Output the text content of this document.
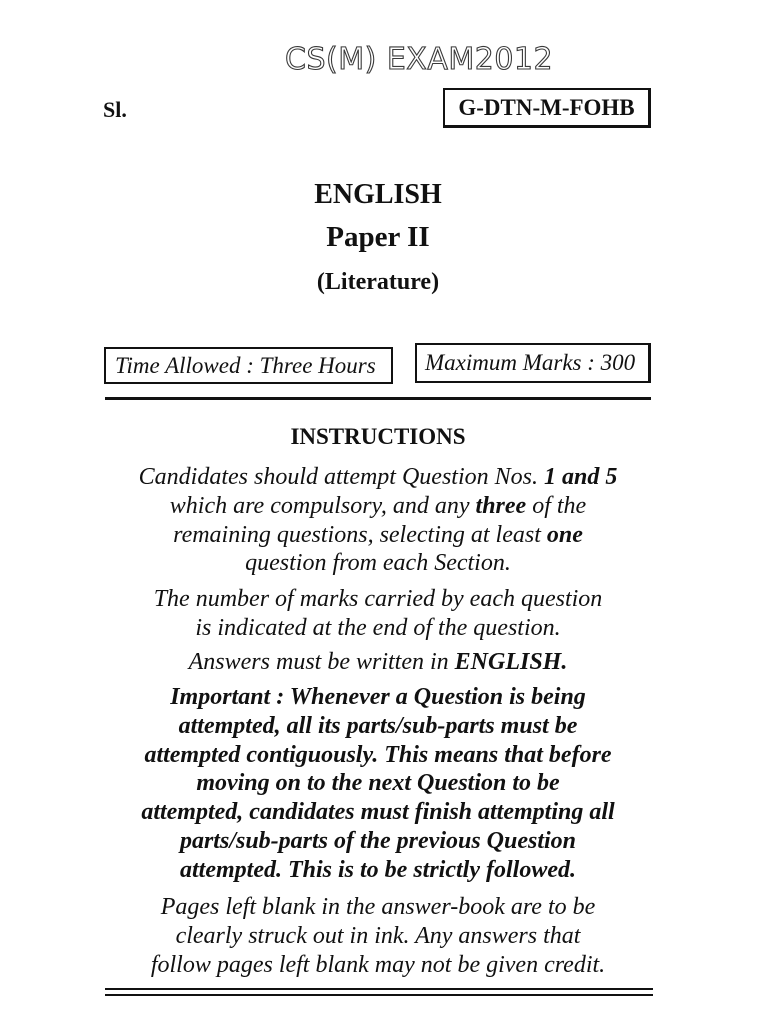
CS(M) EXAM2012
Sl.	G-DTN-M-FOHB
ENGLISH
Paper II
(Literature)
Time Allowed : Three Hours	Maximum Marks : 300
INSTRUCTIONS
Candidates should attempt Question Nos. 1 and 5
which are compulsory, and any three of the
remaining questions, selecting at least one
question from each Section.
The number of marks carried by each question
is indicated at the end of the question.
Answers must be written in ENGLISH.
Important : Whenever a Question is being
attempted, all its parts/sub-parts must be
attempted contiguously. This means that before
moving on to the next Question to be
attempted, candidates must finish attempting all
parts/sub-parts of the previous Question
attempted. This is to be strictly followed.
Pages left blank in the answer-book are to be
clearly struck out in ink. Any answers that
follow pages left blank may not be given credit.
